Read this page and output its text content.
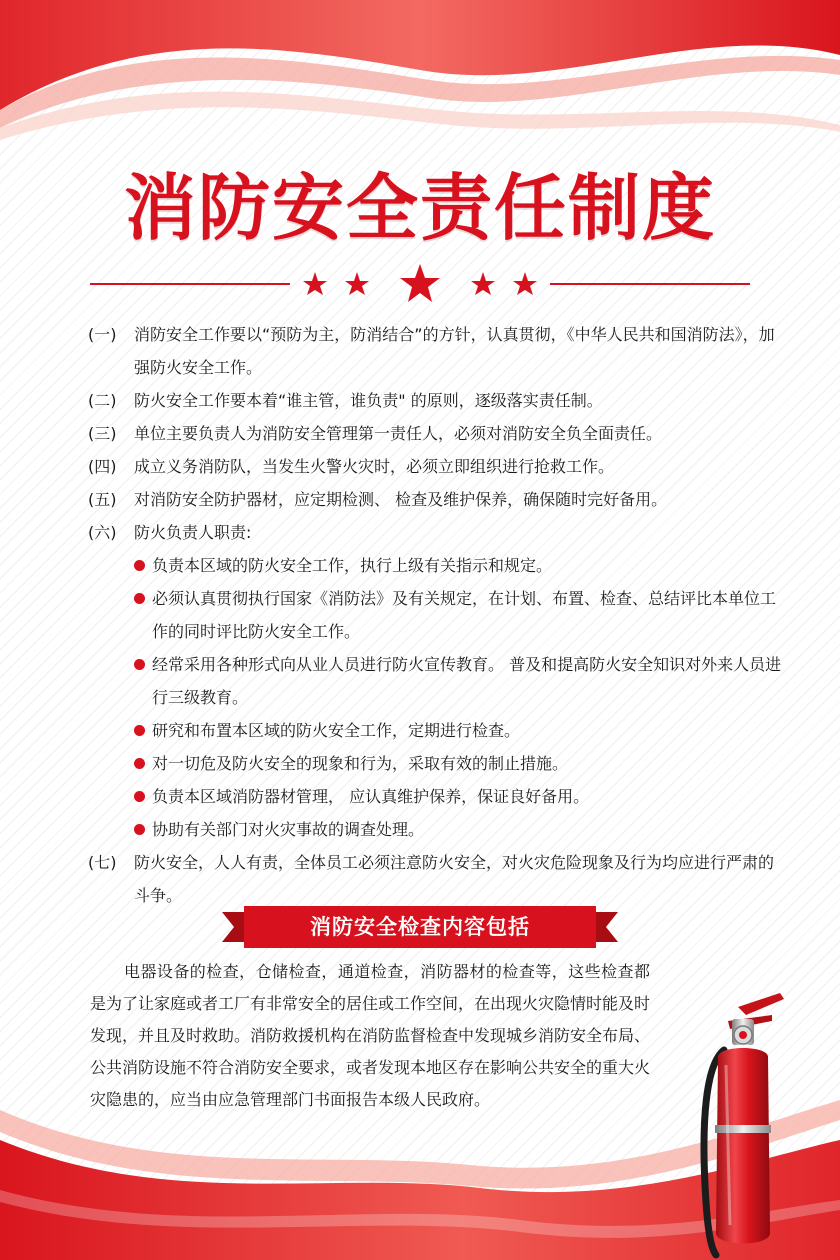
消防安全责任制度
(一) 消防安全工作要以“预防为主，防消结合”的方针，认真贯彻，《中华人民共和国消防法》，加强防火安全工作。
(二) 防火安全工作要本着“谁主管，谁负责" 的原则，逐级落实责任制。
(三) 单位主要负责人为消防安全管理第一责任人，必须对消防安全负全面责任。
(四) 成立义务消防队，当发生火警火灾时，必须立即组织进行抢救工作。
(五) 对消防安全防护器材，应定期检测、 检查及维护保养，确保随时完好备用。
(六) 防火负责人职责:
负责本区域的防火安全工作，执行上级有关指示和规定。
必须认真贯彻执行国家《消防法》及有关规定，在计划、布置、检查、总结评比本单位工作的同时评比防火安全工作。
经常采用各种形式向从业人员进行防火宣传教育。 普及和提高防火安全知识对外来人员进行三级教育。
研究和布置本区域的防火安全工作，定期进行检查。
对一切危及防火安全的现象和行为，采取有效的制止措施。
负责本区域消防器材管理， 应认真维护保养，保证良好备用。
协助有关部门对火灾事故的调查处理。
(七) 防火安全，人人有责，全体员工必须注意防火安全，对火灾危险现象及行为均应进行严肃的斗争。
消防安全检查内容包括
电器设备的检查，仓储检查，通道检查，消防器材的检查等，这些检查都是为了让家庭或者工厂有非常安全的居住或工作空间，在出现火灾隐情时能及时发现，并且及时救助。消防救援机构在消防监督检查中发现城乡消防安全布局、公共消防设施不符合消防安全要求，或者发现本地区存在影响公共安全的重大火灾隐患的，应当由应急管理部门书面报告本级人民政府。
